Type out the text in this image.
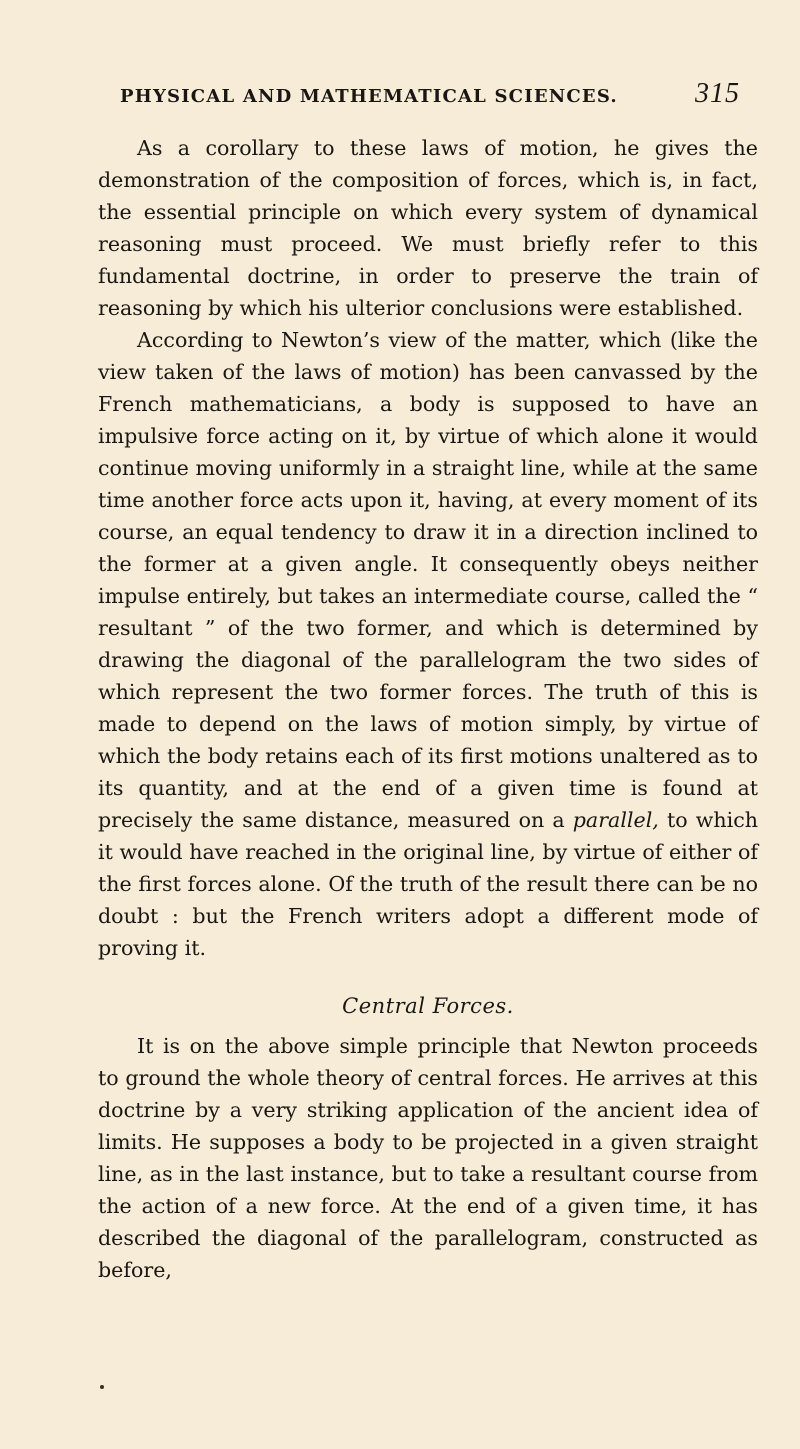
PHYSICAL AND MATHEMATICAL SCIENCES.	315

As a corollary to these laws of motion, he gives the demonstration of the composition of forces, which is, in fact, the essential principle on which every system of dynamical reasoning must proceed. We must briefly refer to this fundamental doctrine, in order to preserve the train of reasoning by which his ulterior conclusions were established.

According to Newton’s view of the matter, which (like the view taken of the laws of motion) has been canvassed by the French mathematicians, a body is supposed to have an impulsive force acting on it, by virtue of which alone it would continue moving uniformly in a straight line, while at the same time another force acts upon it, having, at every moment of its course, an equal tendency to draw it in a direction inclined to the former at a given angle. It consequently obeys neither impulse entirely, but takes an intermediate course, called the “ resultant ” of the two former, and which is determined by drawing the diagonal of the parallelogram the two sides of which represent the two former forces. The truth of this is made to depend on the laws of motion simply, by virtue of which the body retains each of its first motions unaltered as to its quantity, and at the end of a given time is found at precisely the same distance, measured on a parallel, to which it would have reached in the original line, by virtue of either of the first forces alone. Of the truth of the result there can be no doubt : but the French writers adopt a different mode of proving it.

Central Forces.

It is on the above simple principle that Newton proceeds to ground the whole theory of central forces. He arrives at this doctrine by a very striking application of the ancient idea of limits. He supposes a body to be projected in a given straight line, as in the last instance, but to take a resultant course from the action of a new force. At the end of a given time, it has described the diagonal of the parallelogram, constructed as before,
